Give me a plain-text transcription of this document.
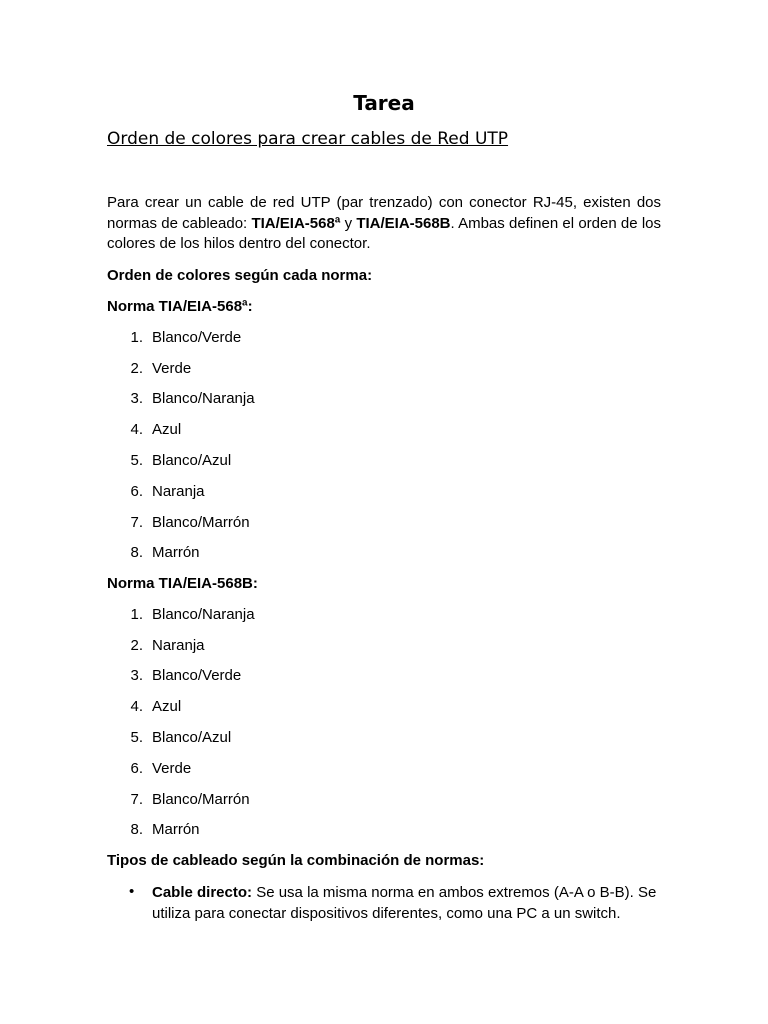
Tarea
Orden de colores para crear cables de Red UTP

Para crear un cable de red UTP (par trenzado) con conector RJ-45, existen dos normas de cableado: TIA/EIA-568ª y TIA/EIA-568B. Ambas definen el orden de los colores de los hilos dentro del conector.

Orden de colores según cada norma:

Norma TIA/EIA-568ª:

1. Blanco/Verde
2. Verde
3. Blanco/Naranja
4. Azul
5. Blanco/Azul
6. Naranja
7. Blanco/Marrón
8. Marrón

Norma TIA/EIA-568B:

1. Blanco/Naranja
2. Naranja
3. Blanco/Verde
4. Azul
5. Blanco/Azul
6. Verde
7. Blanco/Marrón
8. Marrón

Tipos de cableado según la combinación de normas:

• Cable directo: Se usa la misma norma en ambos extremos (A-A o B-B). Se utiliza para conectar dispositivos diferentes, como una PC a un switch.
